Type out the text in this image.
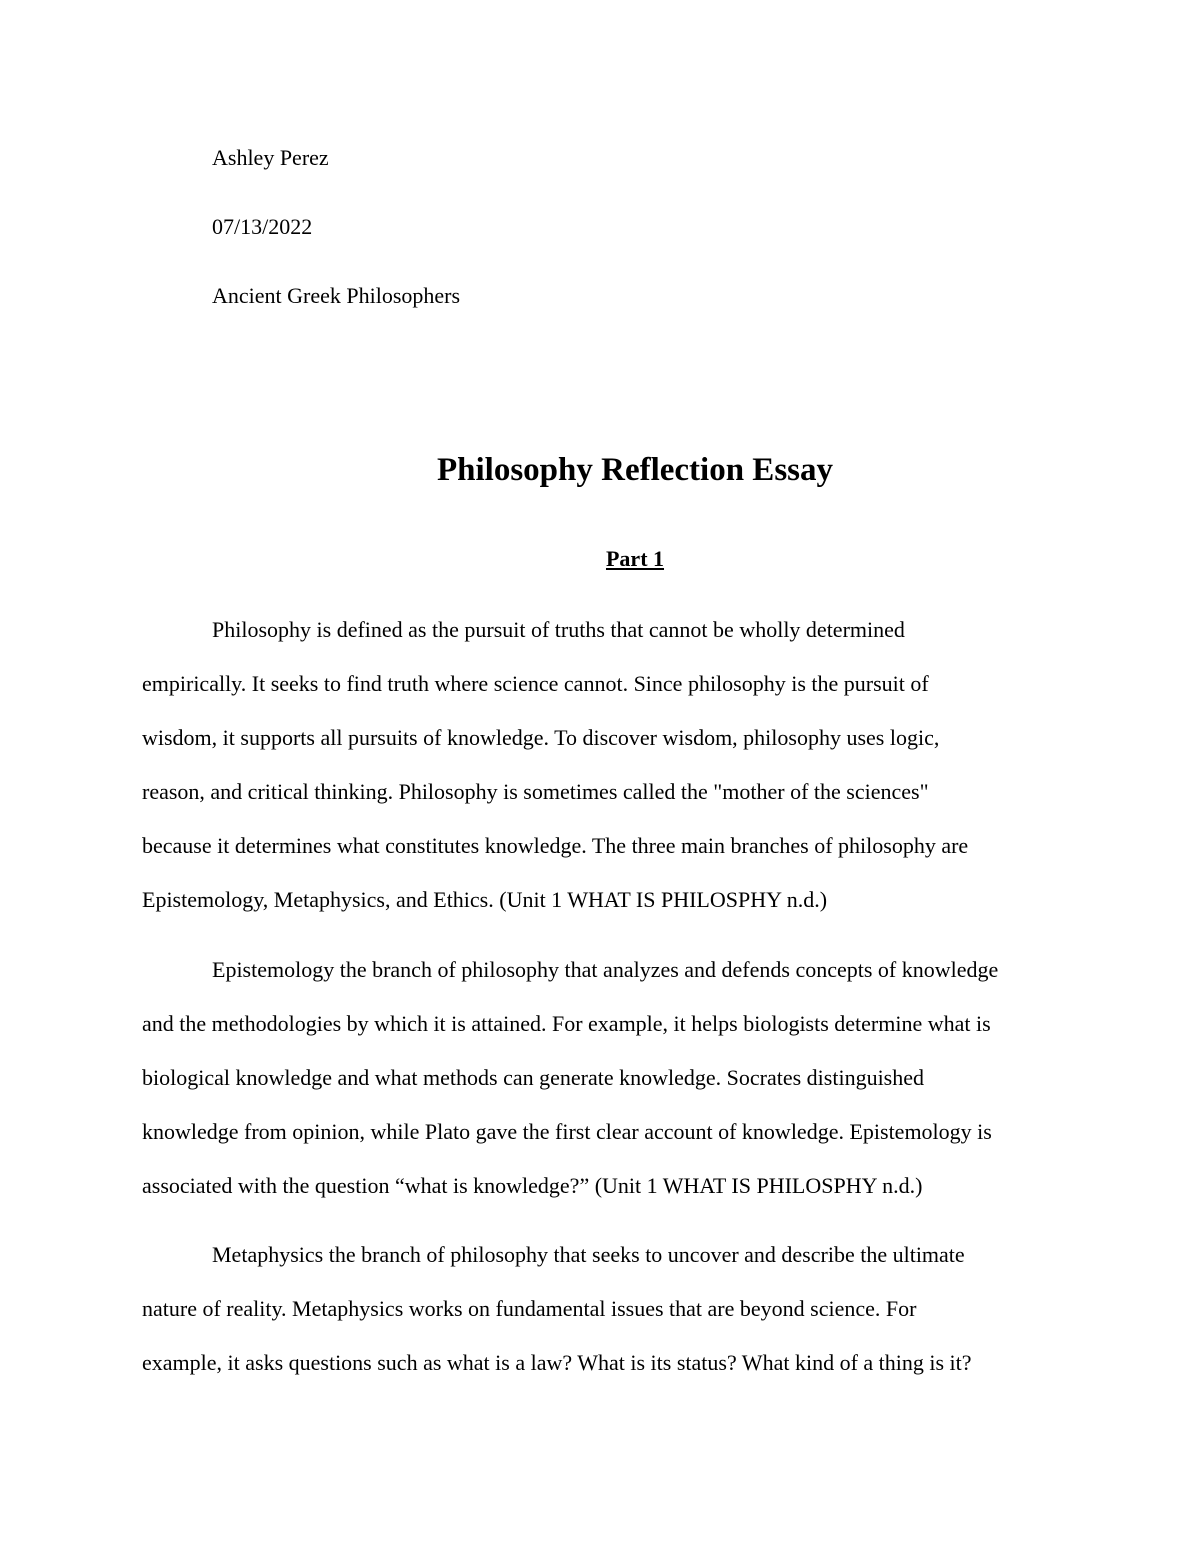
Ashley Perez
07/13/2022
Ancient Greek Philosophers
Philosophy Reflection Essay
Part 1
Philosophy is defined as the pursuit of truths that cannot be wholly determined
empirically. It seeks to find truth where science cannot. Since philosophy is the pursuit of
wisdom, it supports all pursuits of knowledge. To discover wisdom, philosophy uses logic,
reason, and critical thinking. Philosophy is sometimes called the "mother of the sciences"
because it determines what constitutes knowledge. The three main branches of philosophy are
Epistemology, Metaphysics, and Ethics. (Unit 1 WHAT IS PHILOSPHY n.d.)
Epistemology the branch of philosophy that analyzes and defends concepts of knowledge
and the methodologies by which it is attained. For example, it helps biologists determine what is
biological knowledge and what methods can generate knowledge. Socrates distinguished
knowledge from opinion, while Plato gave the first clear account of knowledge. Epistemology is
associated with the question “what is knowledge?” (Unit 1 WHAT IS PHILOSPHY n.d.)
Metaphysics the branch of philosophy that seeks to uncover and describe the ultimate
nature of reality. Metaphysics works on fundamental issues that are beyond science. For
example, it asks questions such as what is a law? What is its status? What kind of a thing is it?
